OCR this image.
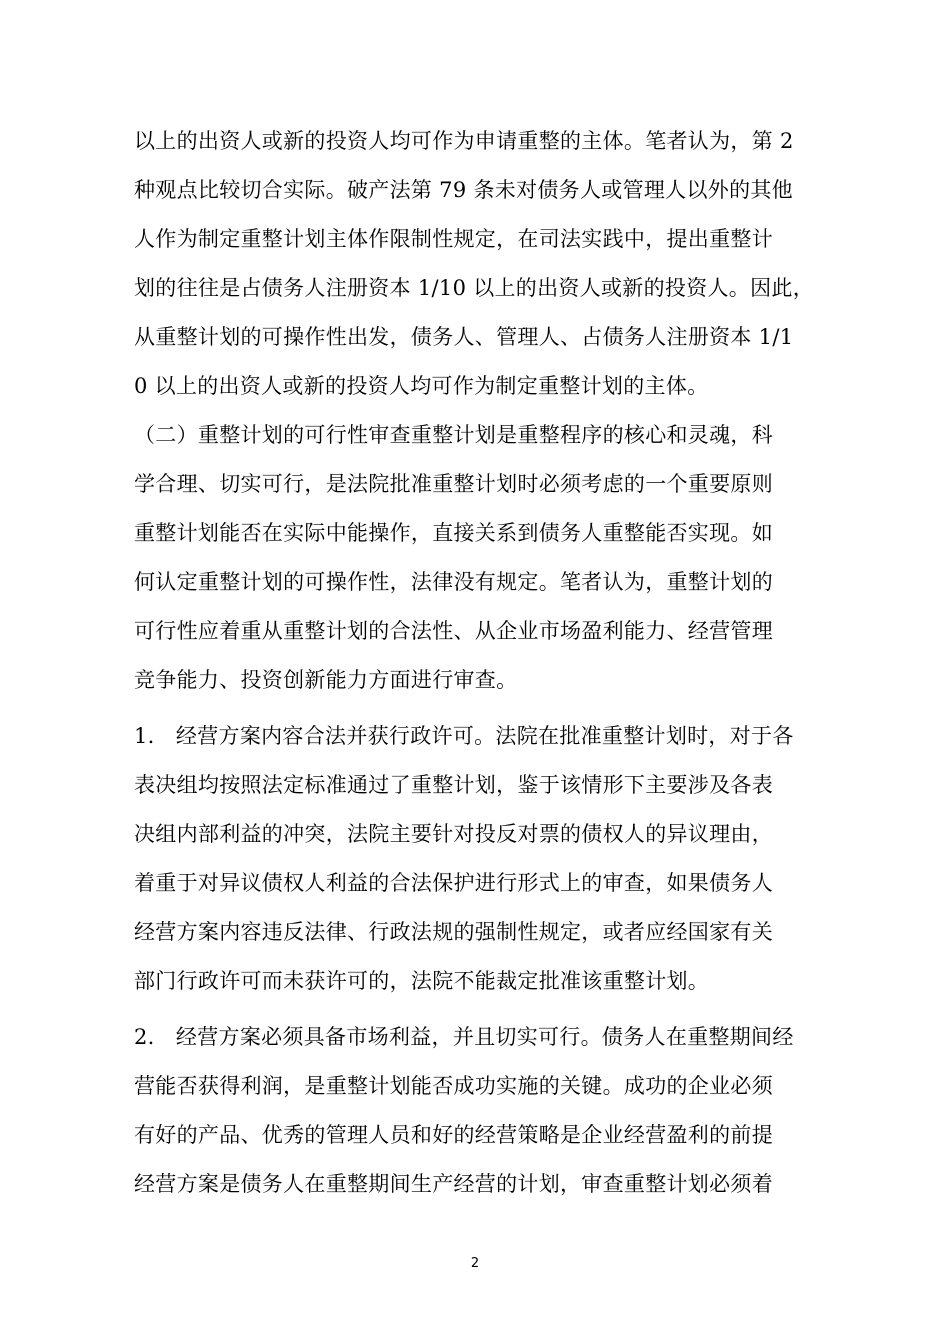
以上的出资人或新的投资人均可作为申请重整的主体。笔者认为，第 2
种观点比较切合实际。破产法第 79 条未对债务人或管理人以外的其他
人作为制定重整计划主体作限制性规定，在司法实践中，提出重整计
划的往往是占债务人注册资本 1/10 以上的出资人或新的投资人。因此，
从重整计划的可操作性出发，债务人、管理人、占债务人注册资本 1/1
0 以上的出资人或新的投资人均可作为制定重整计划的主体。
（二）重整计划的可行性审查重整计划是重整程序的核心和灵魂，科
学合理、切实可行，是法院批准重整计划时必须考虑的一个重要原则
重整计划能否在实际中能操作，直接关系到债务人重整能否实现。如
何认定重整计划的可操作性，法律没有规定。笔者认为，重整计划的
可行性应着重从重整计划的合法性、从企业市场盈利能力、经营管理
竞争能力、投资创新能力方面进行审查。
1.　经营方案内容合法并获行政许可。法院在批准重整计划时，对于各
表决组均按照法定标准通过了重整计划，鉴于该情形下主要涉及各表
决组内部利益的冲突，法院主要针对投反对票的债权人的异议理由，
着重于对异议债权人利益的合法保护进行形式上的审查，如果债务人
经营方案内容违反法律、行政法规的强制性规定，或者应经国家有关
部门行政许可而未获许可的，法院不能裁定批准该重整计划。
2.　经营方案必须具备市场利益，并且切实可行。债务人在重整期间经
营能否获得利润，是重整计划能否成功实施的关键。成功的企业必须
有好的产品、优秀的管理人员和好的经营策略是企业经营盈利的前提
经营方案是债务人在重整期间生产经营的计划，审查重整计划必须着
2
